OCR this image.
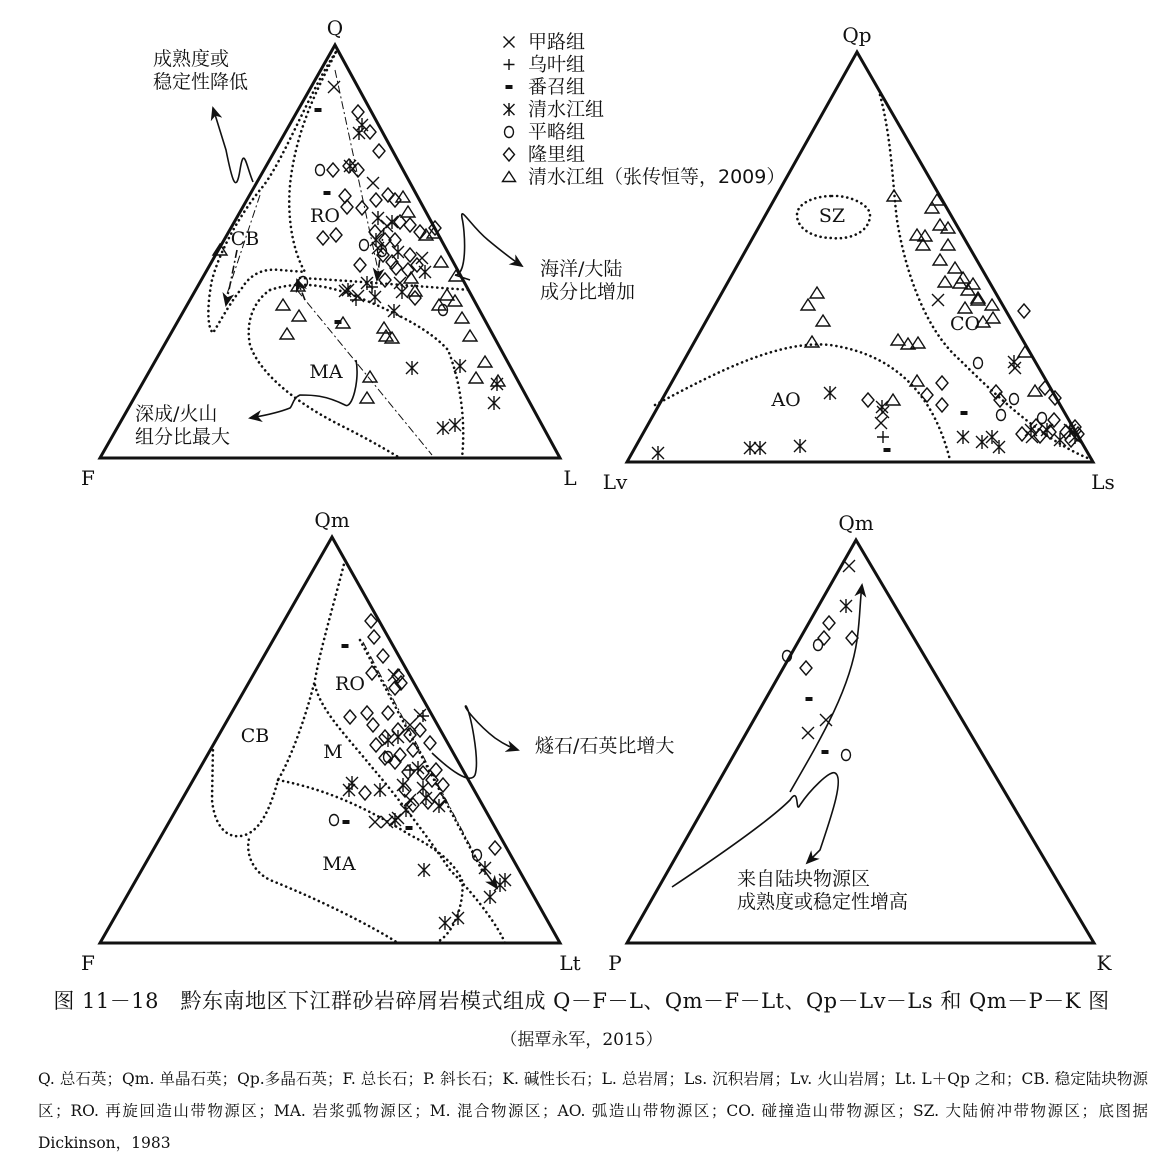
Q
F	L
CB
RO
MA
成熟度或
稳定性降低
海洋/大陆
成分比增加
深成/火山
组分比最大
Qp
Lv	Ls
SZ
CO
AO
Qm
F	Lt
CB
RO
M
MA
燧石/石英比增大
Qm
P	K
来自陆块物源区
成熟度或稳定性增高
甲路组
乌叶组
番召组
清水江组
平略组
隆里组
清水江组（张传恒等，2009）
图 11－18　黔东南地区下江群砂岩碎屑岩模式组成 Q－F－L、Qm－F－Lt、Qp－Lv－Ls 和 Qm－P－K 图
（据覃永军，2015）
Q. 总石英；Qm. 单晶石英；Qp.多晶石英；F. 总长石；P. 斜长石；K. 碱性长石；L. 总岩屑；Ls. 沉积岩屑；Lv. 火山岩屑；Lt. L＋Qp 之和；CB. 稳定陆块物源区；RO. 再旋回造山带物源区；MA. 岩浆弧物源区；M. 混合物源区；AO. 弧造山带物源区；CO. 碰撞造山带物源区；SZ. 大陆俯冲带物源区；底图据 Dickinson，1983
